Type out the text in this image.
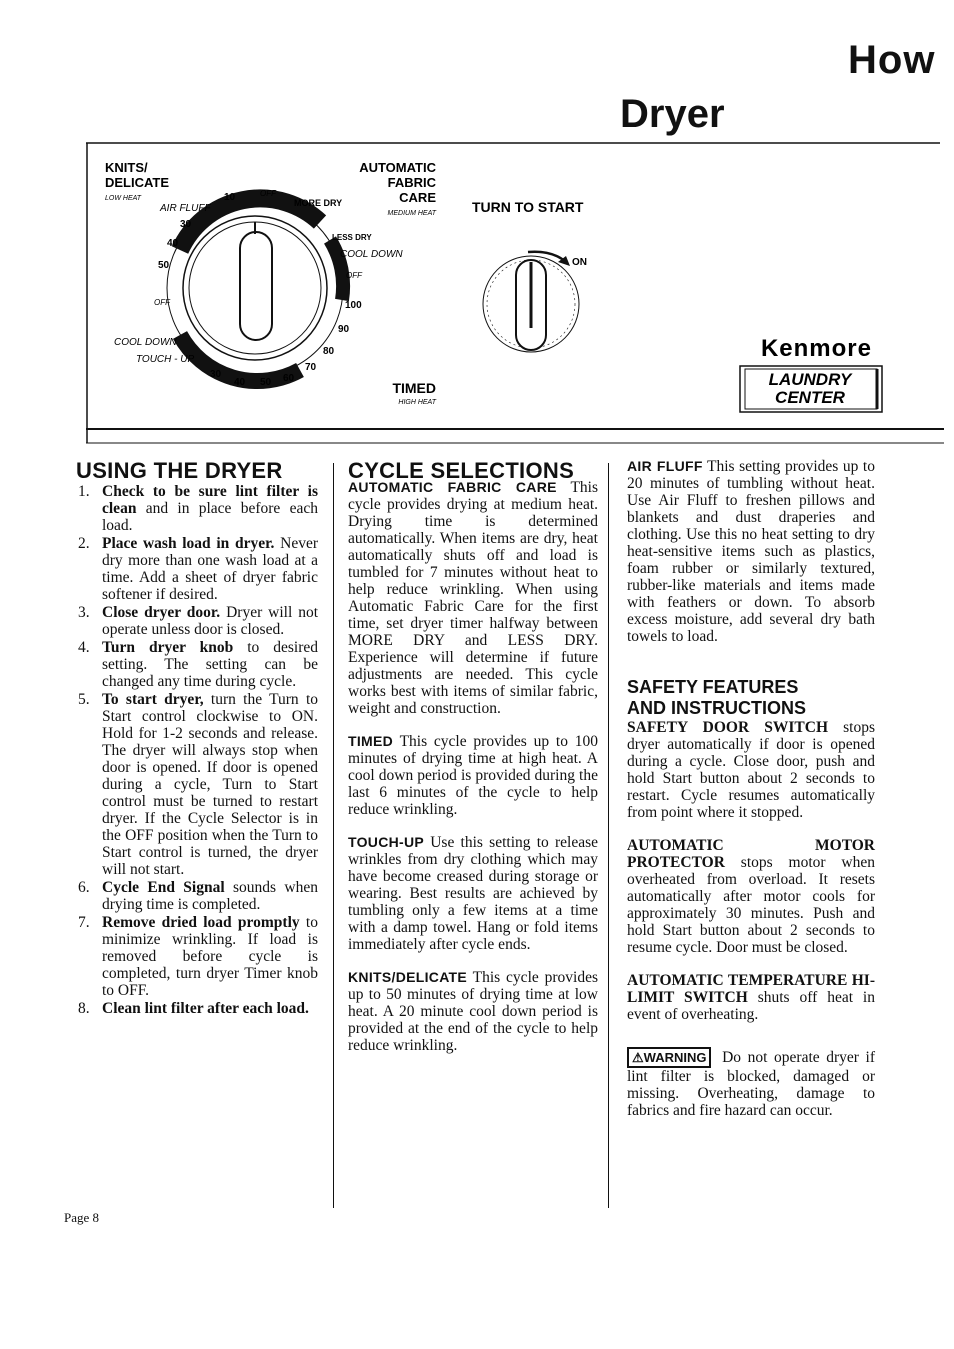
How
Dryer
KNITS/
DELICATE
LOW HEAT
AUTOMATIC
FABRIC
CARE
MEDIUM HEAT	TURN TO START
AIR FLUFF
10	OFF
MORE DRY
LESS DRY
COOL DOWN
OFF
100
90
80
70
60
50
40
30
TOUCH - UP
COOL DOWN
OFF
50
40
30
TIMED
HIGH HEAT
ON
Kenmore
LAUNDRY
CENTER
USING THE DRYER
1. Check to be sure lint filter is clean and in place before each load.
2. Place wash load in dryer. Never dry more than one wash load at a time. Add a sheet of dryer fabric softener if desired.
3. Close dryer door. Dryer will not operate unless door is closed.
4. Turn dryer knob to desired setting. The setting can be changed any time during cycle.
5. To start dryer, turn the Turn to Start control clockwise to ON. Hold for 1-2 seconds and release. The dryer will always stop when door is opened. If door is opened during a cycle, Turn to Start control must be turned to restart dryer. If the Cycle Selector is in the OFF position when the Turn to Start control is turned, the dryer will not start.
6. Cycle End Signal sounds when drying time is completed.
7. Remove dried load promptly to minimize wrinkling. If load is removed before cycle is completed, turn dryer Timer knob to OFF.
8. Clean lint filter after each load.
CYCLE SELECTIONS

AUTOMATIC FABRIC CARE This cycle provides drying at medium heat. Drying time is determined automatically. When items are dry, heat automatically shuts off and load is tumbled for 7 minutes without heat to help reduce wrinkling. When using Automatic Fabric Care for the first time, set dryer timer halfway between MORE DRY and LESS DRY. Experience will determine if future adjustments are needed. This cycle works best with items of similar fabric, weight and construction.

TIMED This cycle provides up to 100 minutes of drying time at high heat. A cool down period is provided during the last 6 minutes of the cycle to help reduce wrinkling.

TOUCH-UP Use this setting to release wrinkles from dry clothing which may have become creased during storage or wearing. Best results are achieved by tumbling only a few items at a time with a damp towel. Hang or fold items immediately after cycle ends.

KNITS/DELICATE This cycle provides up to 50 minutes of drying time at low heat. A 20 minute cool down period is provided at the end of the cycle to help reduce wrinkling.

AIR FLUFF This setting provides up to 20 minutes of tumbling without heat. Use Air Fluff to freshen pillows and blankets and dust draperies and clothing. Use this no heat setting to dry heat-sensitive items such as plastics, foam rubber or similarly textured, rubber-like materials and items made with feathers or down. To absorb excess moisture, add several dry bath towels to load.

SAFETY FEATURES
AND INSTRUCTIONS

SAFETY DOOR SWITCH stops dryer automatically if door is opened during a cycle. Close door, push and hold Start button about 2 seconds to restart. Cycle resumes automatically from point where it stopped.

AUTOMATIC MOTOR PROTECTOR stops motor when overheated from overload. It resets automatically after motor cools for approximately 30 minutes. Push and hold Start button about 2 seconds to resume cycle. Door must be closed.

AUTOMATIC TEMPERATURE HI-LIMIT SWITCH shuts off heat in event of overheating.

⚠WARNING Do not operate dryer if lint filter is blocked, damaged or missing. Overheating, damage to fabrics and fire hazard can occur.

Page 8
